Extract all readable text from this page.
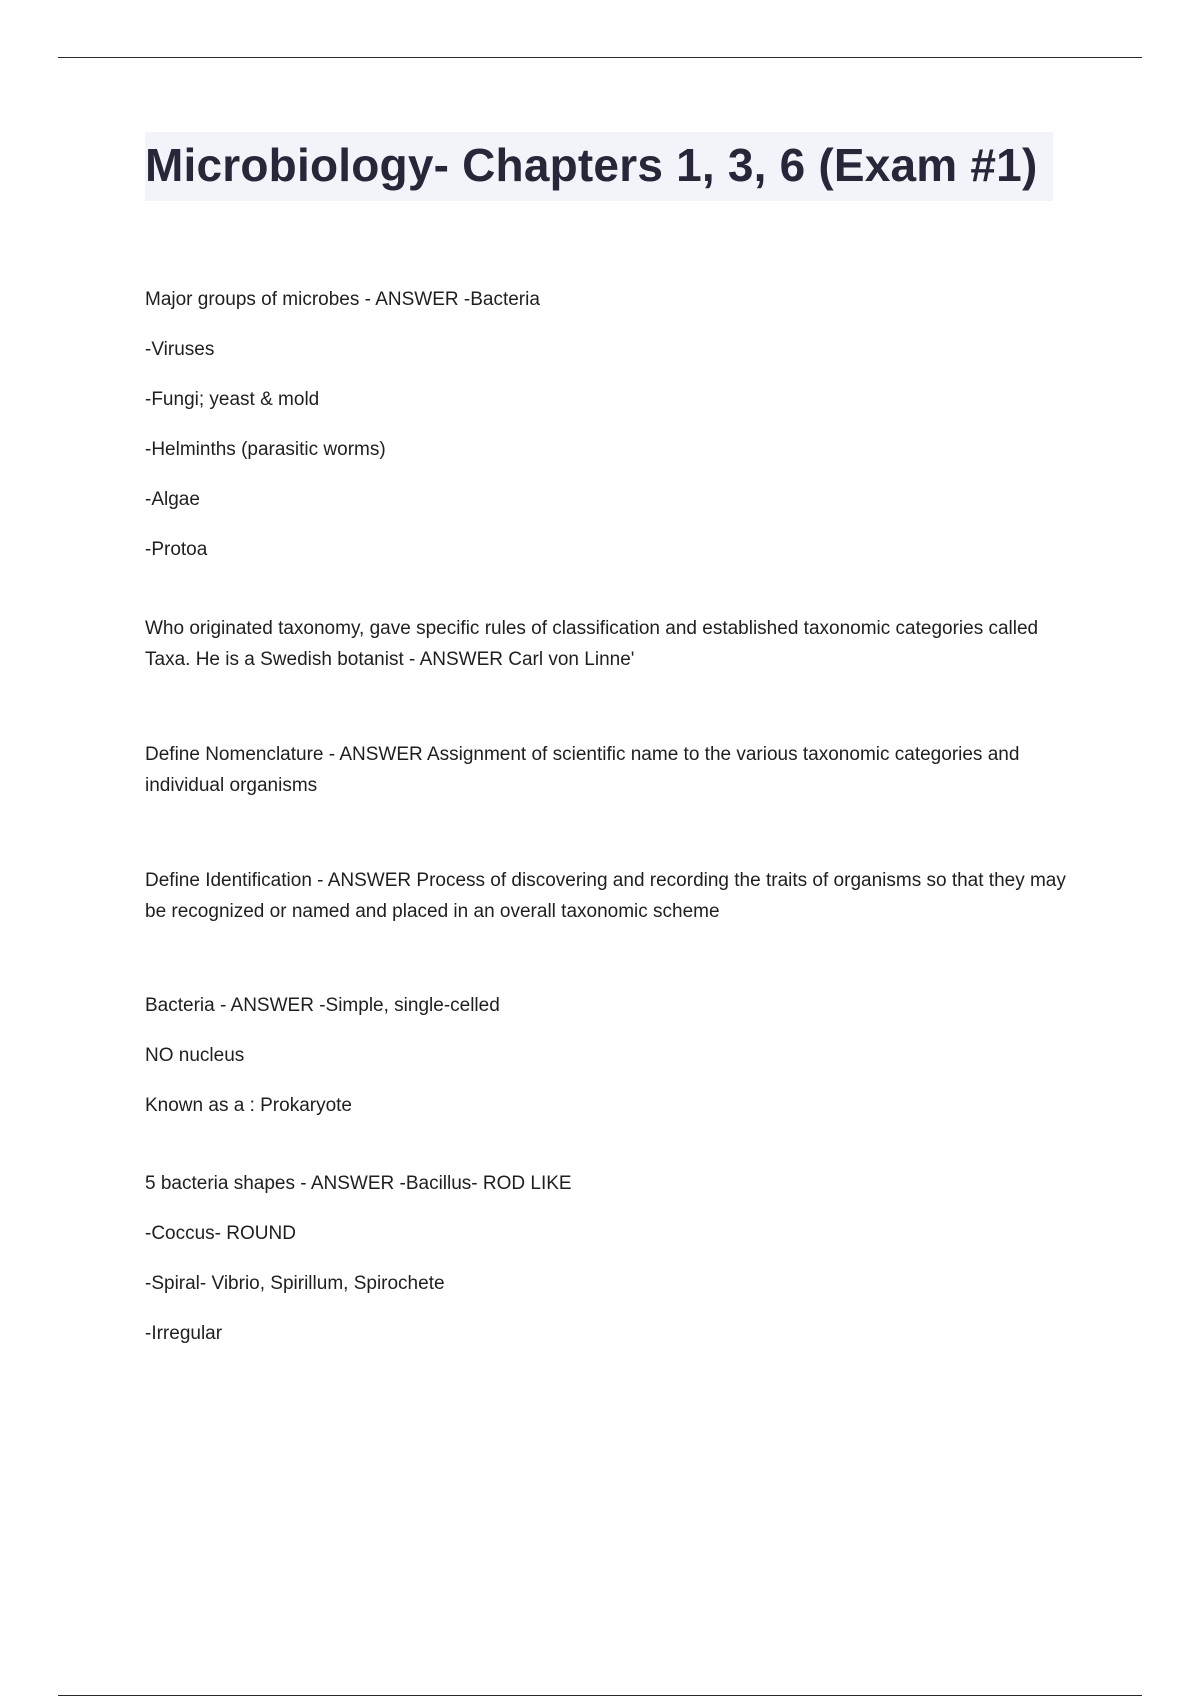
Microbiology- Chapters 1, 3, 6 (Exam #1)

Major groups of microbes - ANSWER -Bacteria

-Viruses

-Fungi; yeast & mold

-Helminths (parasitic worms)

-Algae

-Protoa

Who originated taxonomy, gave specific rules of classification and established taxonomic categories called Taxa. He is a Swedish botanist - ANSWER Carl von Linne'

Define Nomenclature - ANSWER Assignment of scientific name to the various taxonomic categories and individual organisms

Define Identification - ANSWER Process of discovering and recording the traits of organisms so that they may be recognized or named and placed in an overall taxonomic scheme

Bacteria - ANSWER -Simple, single-celled

NO nucleus

Known as a : Prokaryote

5 bacteria shapes - ANSWER -Bacillus- ROD LIKE

-Coccus- ROUND

-Spiral- Vibrio, Spirillum, Spirochete

-Irregular
